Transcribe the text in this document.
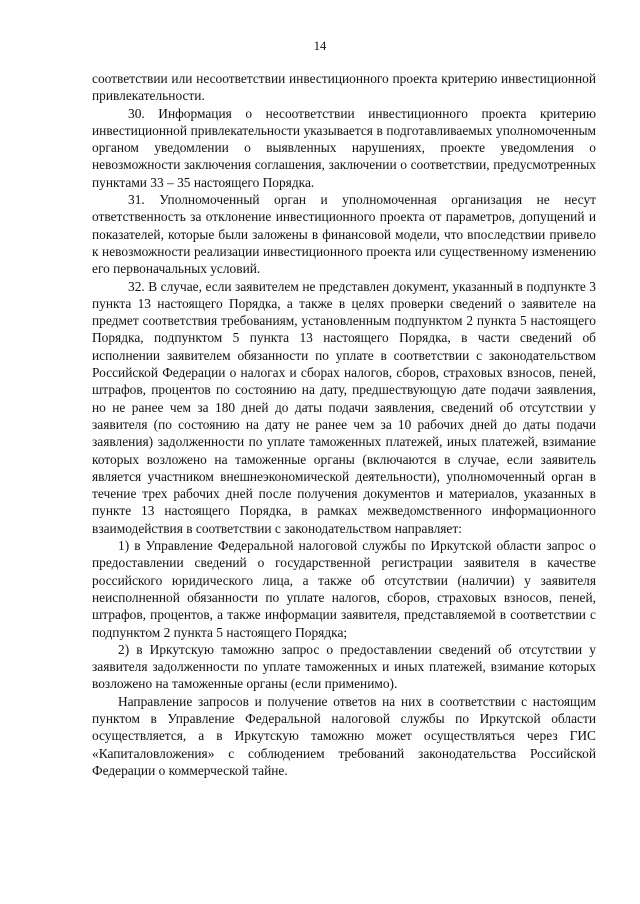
14

соответствии или несоответствии инвестиционного проекта критерию инвестиционной привлекательности.

30. Информация о несоответствии инвестиционного проекта критерию инвестиционной привлекательности указывается в подготавливаемых уполномоченным органом уведомлении о выявленных нарушениях, проекте уведомления о невозможности заключения соглашения, заключении о соответствии, предусмотренных пунктами 33 – 35 настоящего Порядка.

31. Уполномоченный орган и уполномоченная организация не несут ответственность за отклонение инвестиционного проекта от параметров, допущений и показателей, которые были заложены в финансовой модели, что впоследствии привело к невозможности реализации инвестиционного проекта или существенному изменению его первоначальных условий.

32. В случае, если заявителем не представлен документ, указанный в подпункте 3 пункта 13 настоящего Порядка, а также в целях проверки сведений о заявителе на предмет соответствия требованиям, установленным подпунктом 2 пункта 5 настоящего Порядка, подпунктом 5 пункта 13 настоящего Порядка, в части сведений об исполнении заявителем обязанности по уплате в соответствии с законодательством Российской Федерации о налогах и сборах налогов, сборов, страховых взносов, пеней, штрафов, процентов по состоянию на дату, предшествующую дате подачи заявления, но не ранее чем за 180 дней до даты подачи заявления, сведений об отсутствии у заявителя (по состоянию на дату не ранее чем за 10 рабочих дней до даты подачи заявления) задолженности по уплате таможенных платежей, иных платежей, взимание которых возложено на таможенные органы (включаются в случае, если заявитель является участником внешнеэкономической деятельности), уполномоченный орган в течение трех рабочих дней после получения документов и материалов, указанных в пункте 13 настоящего Порядка, в рамках межведомственного информационного взаимодействия в соответствии с законодательством направляет:

1) в Управление Федеральной налоговой службы по Иркутской области запрос о предоставлении сведений о государственной регистрации заявителя в качестве российского юридического лица, а также об отсутствии (наличии) у заявителя неисполненной обязанности по уплате налогов, сборов, страховых взносов, пеней, штрафов, процентов, а также информации заявителя, представляемой в соответствии с подпунктом 2 пункта 5 настоящего Порядка;

2) в Иркутскую таможню запрос о предоставлении сведений об отсутствии у заявителя задолженности по уплате таможенных и иных платежей, взимание которых возложено на таможенные органы (если применимо).

Направление запросов и получение ответов на них в соответствии с настоящим пунктом в Управление Федеральной налоговой службы по Иркутской области осуществляется, а в Иркутскую таможню может осуществляться через ГИС «Капиталовложения» с соблюдением требований законодательства Российской Федерации о коммерческой тайне.
